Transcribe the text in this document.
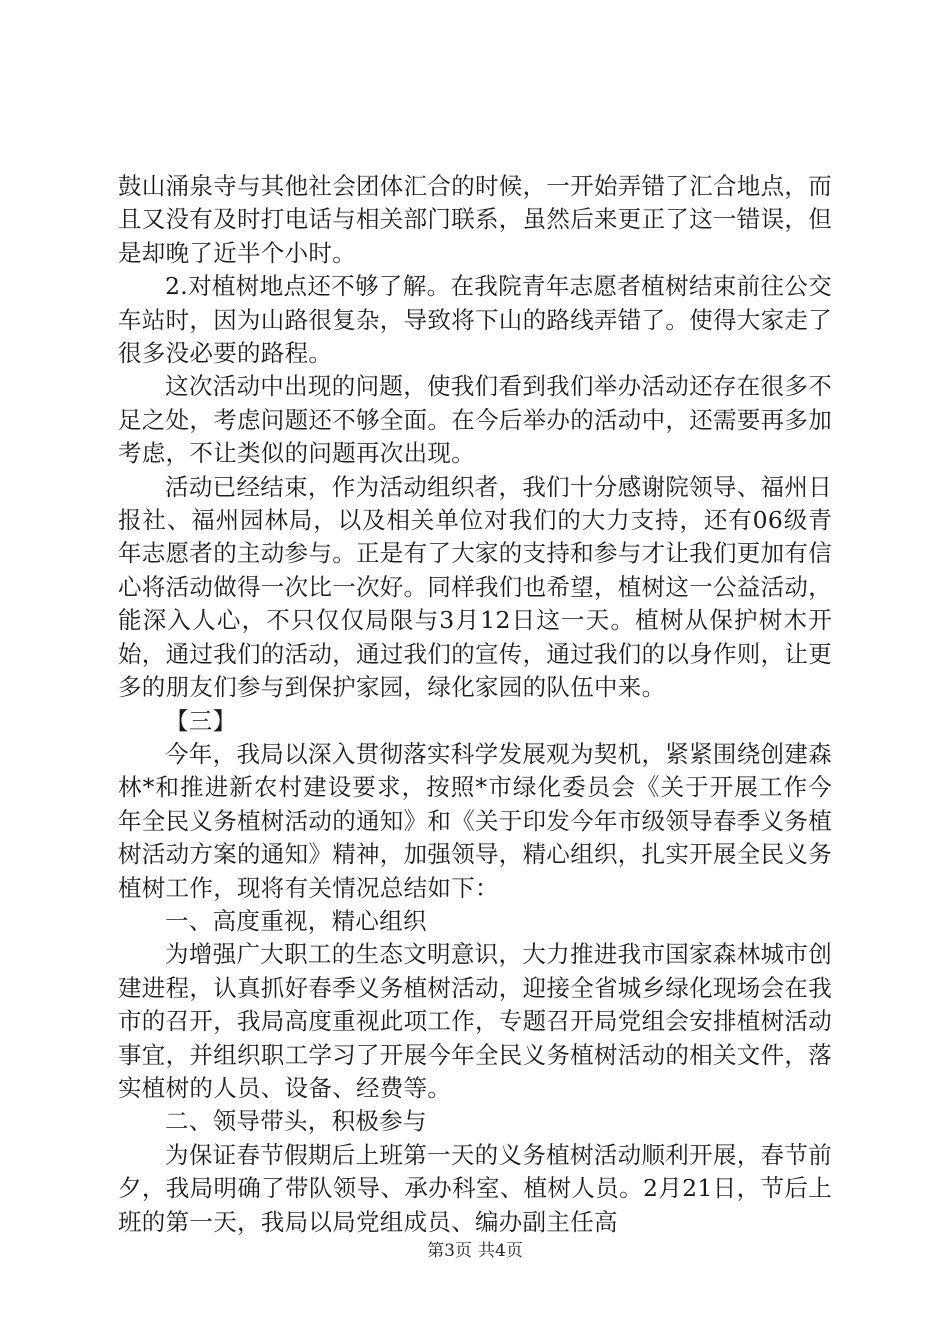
鼓山涌泉寺与其他社会团体汇合的时候，一开始弄错了汇合地点，而且又没有及时打电话与相关部门联系，虽然后来更正了这一错误，但是却晚了近半个小时。

2.对植树地点还不够了解。在我院青年志愿者植树结束前往公交车站时，因为山路很复杂，导致将下山的路线弄错了。使得大家走了很多没必要的路程。

这次活动中出现的问题，使我们看到我们举办活动还存在很多不足之处，考虑问题还不够全面。在今后举办的活动中，还需要再多加考虑，不让类似的问题再次出现。

活动已经结束，作为活动组织者，我们十分感谢院领导、福州日报社、福州园林局，以及相关单位对我们的大力支持，还有06级青年志愿者的主动参与。正是有了大家的支持和参与才让我们更加有信心将活动做得一次比一次好。同样我们也希望，植树这一公益活动，能深入人心，不只仅仅局限与3月12日这一天。植树从保护树木开始，通过我们的活动，通过我们的宣传，通过我们的以身作则，让更多的朋友们参与到保护家园，绿化家园的队伍中来。

【三】

今年，我局以深入贯彻落实科学发展观为契机，紧紧围绕创建森林*和推进新农村建设要求，按照*市绿化委员会《关于开展工作今年全民义务植树活动的通知》和《关于印发今年市级领导春季义务植树活动方案的通知》精神，加强领导，精心组织，扎实开展全民义务植树工作，现将有关情况总结如下：

一、高度重视，精心组织

为增强广大职工的生态文明意识，大力推进我市国家森林城市创建进程，认真抓好春季义务植树活动，迎接全省城乡绿化现场会在我市的召开，我局高度重视此项工作，专题召开局党组会安排植树活动事宜，并组织职工学习了开展今年全民义务植树活动的相关文件，落实植树的人员、设备、经费等。

二、领导带头，积极参与

为保证春节假期后上班第一天的义务植树活动顺利开展，春节前夕，我局明确了带队领导、承办科室、植树人员。2月21日，节后上班的第一天，我局以局党组成员、编办副主任高

第3页 共4页
